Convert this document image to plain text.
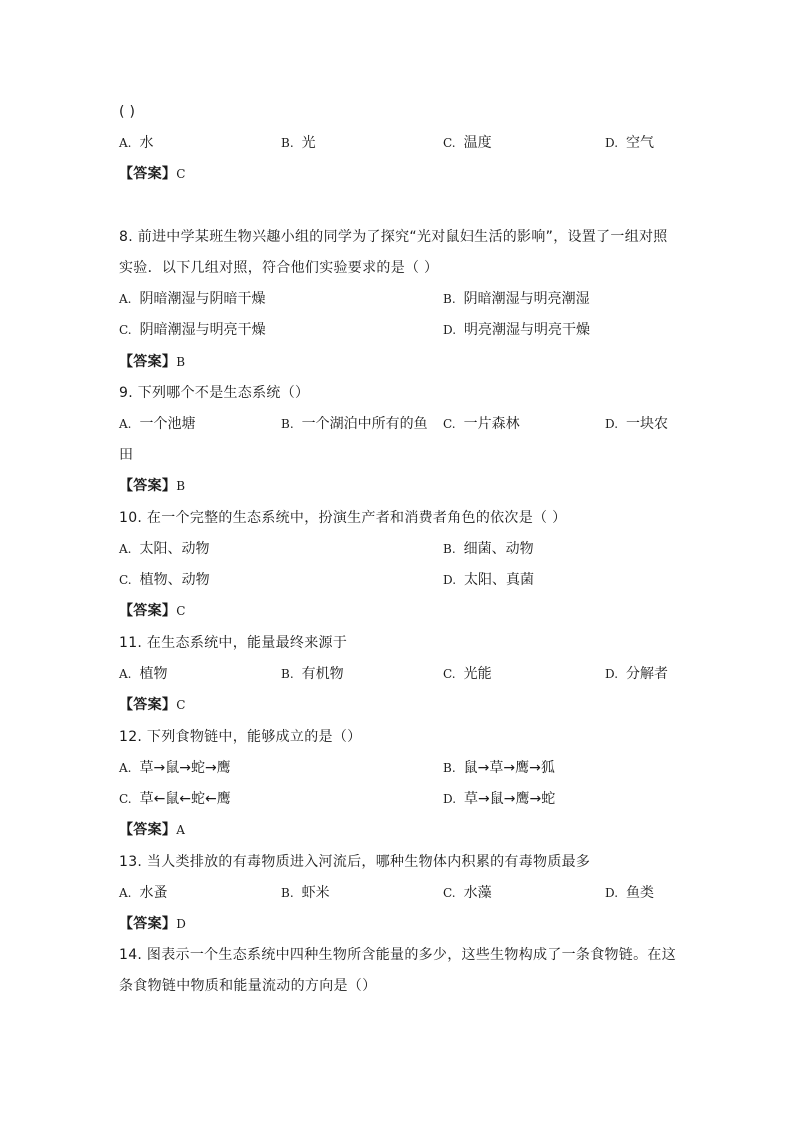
( )
A. 水	B. 光	C. 温度	D. 空气
【答案】C
8. 前进中学某班生物兴趣小组的同学为了探究“光对鼠妇生活的影响”，设置了一组对照
实验．以下几组对照，符合他们实验要求的是（ ）
A. 阴暗潮湿与阴暗干燥	B. 阴暗潮湿与明亮潮湿
C. 阴暗潮湿与明亮干燥	D. 明亮潮湿与明亮干燥
【答案】B
9. 下列哪个不是生态系统（）
A. 一个池塘	B. 一个湖泊中所有的鱼 C. 一片森林	D. 一块农
田
【答案】B
10. 在一个完整的生态系统中，扮演生产者和消费者角色的依次是（ ）
A. 太阳、动物	B. 细菌、动物
C. 植物、动物	D. 太阳、真菌
【答案】C
11. 在生态系统中，能量最终来源于
A. 植物	B. 有机物	C. 光能	D. 分解者
【答案】C
12. 下列食物链中，能够成立的是（）
A. 草→鼠→蛇→鹰	B. 鼠→草→鹰→狐
C. 草←鼠←蛇←鹰	D. 草→鼠→鹰→蛇
【答案】A
13. 当人类排放的有毒物质进入河流后，哪种生物体内积累的有毒物质最多
A. 水蚤	B. 虾米	C. 水藻	D. 鱼类
【答案】D
14. 图表示一个生态系统中四种生物所含能量的多少，这些生物构成了一条食物链。在这
条食物链中物质和能量流动的方向是（）
